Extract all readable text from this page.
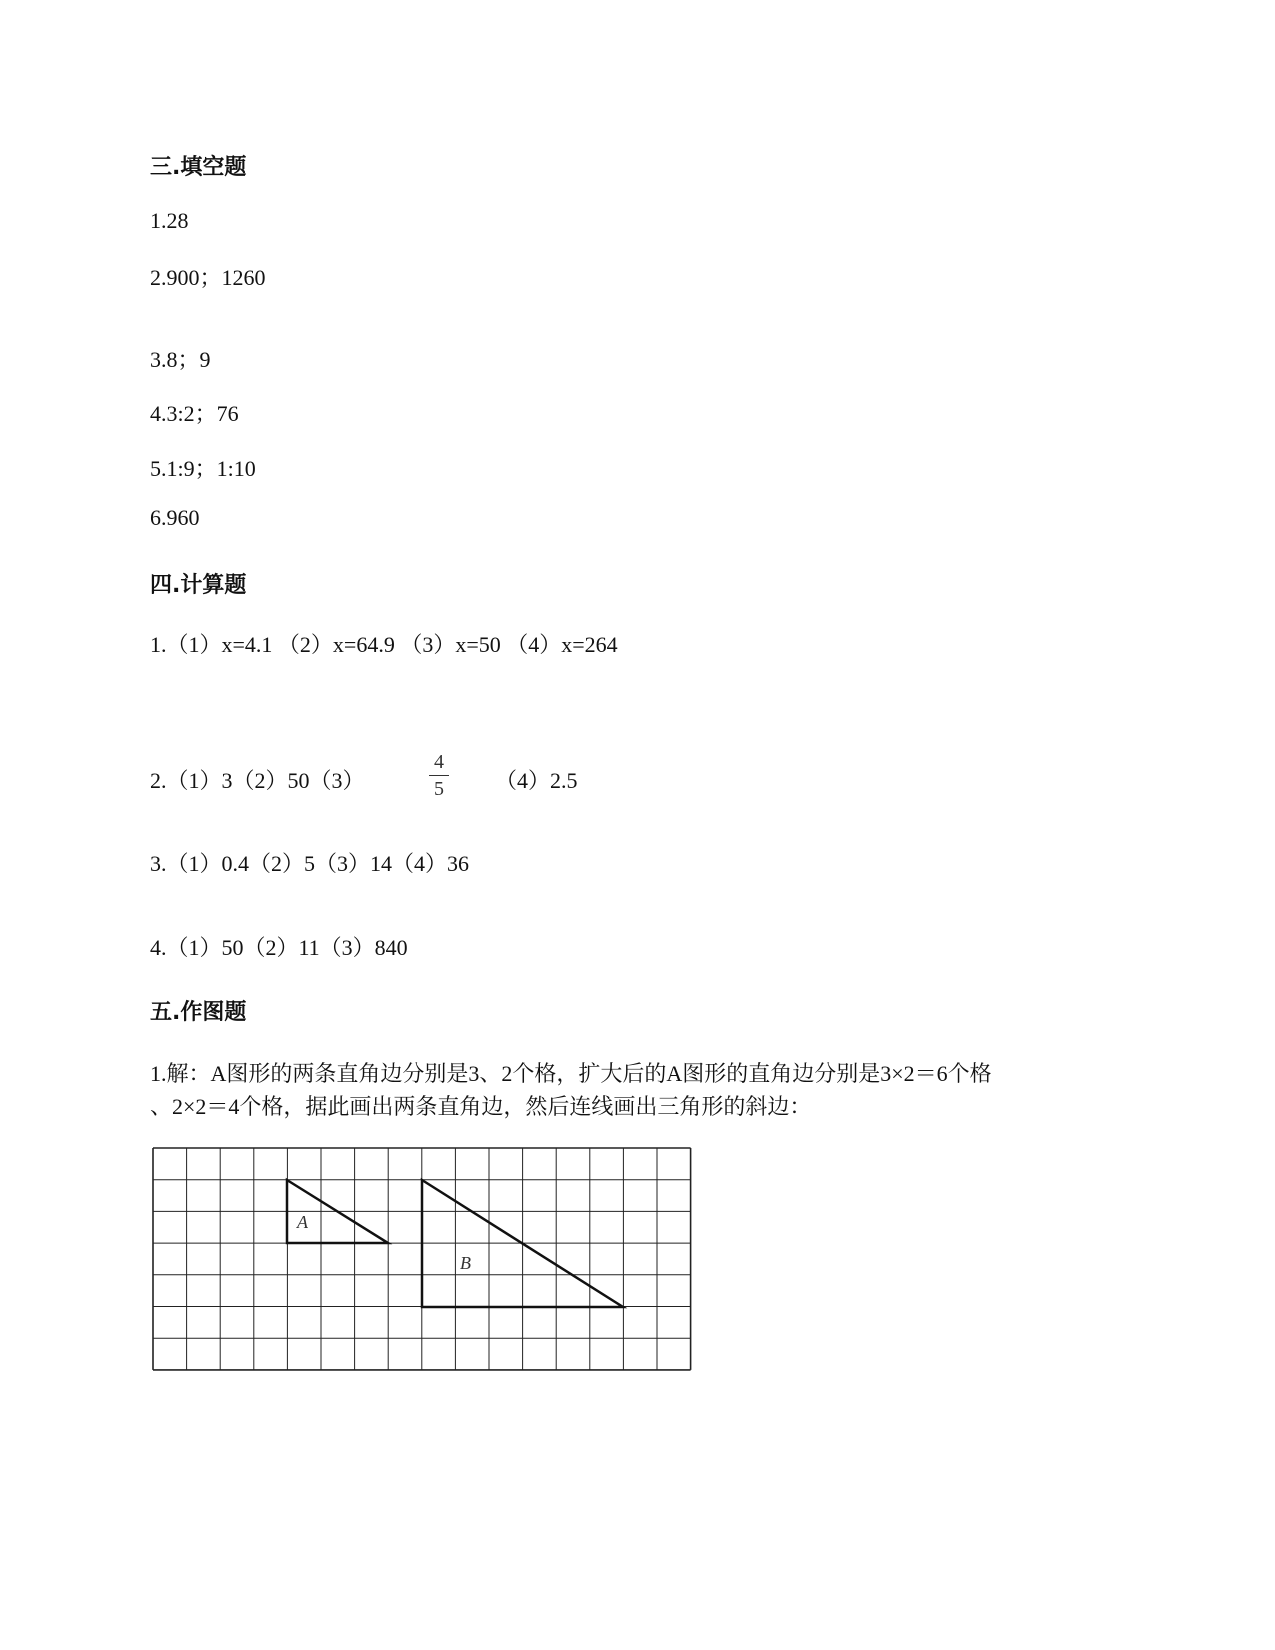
三.填空题
1.28
2.900；1260
3.8；9
4.3:2；76
5.1:9；1:10
6.960
四.计算题
1.（1）x=4.1 （2）x=64.9 （3）x=50 （4）x=264
2.（1）3（2）50（3）
4
5	（4）2.5
3.（1）0.4（2）5（3）14（4）36
4.（1）50（2）11（3）840
五.作图题
1.解：A图形的两条直角边分别是3、2个格，扩大后的A图形的直角边分别是3×2＝6个格
、2×2＝4个格，据此画出两条直角边，然后连线画出三角形的斜边：
A
B
